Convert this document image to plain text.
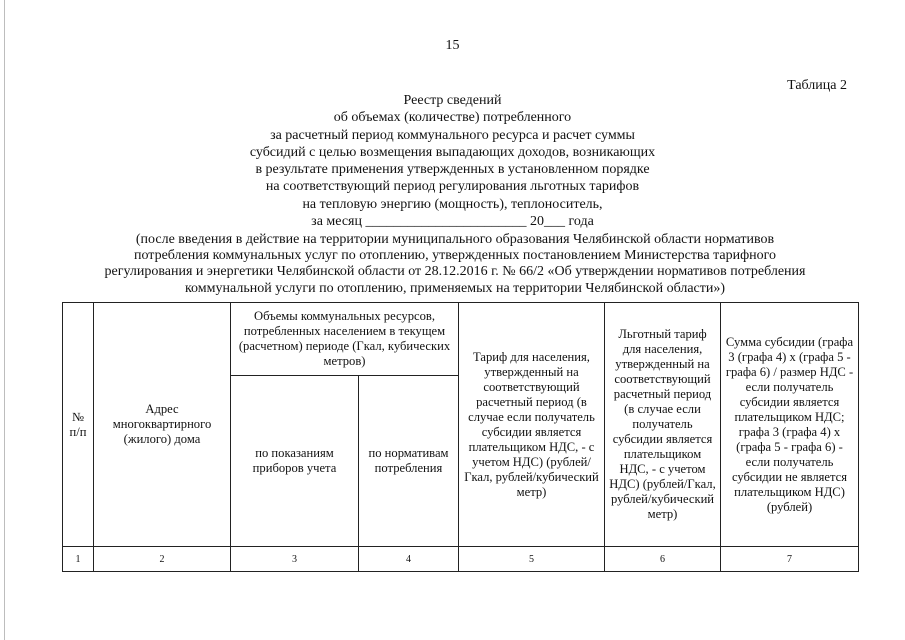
15
Таблица 2
Реестр сведений
об объемах (количестве) потребленного
за расчетный период коммунального ресурса и расчет суммы
субсидий с целью возмещения выпадающих доходов, возникающих
в результате применения утвержденных в установленном порядке
на соответствующий период регулирования льготных тарифов
на тепловую энергию (мощность), теплоноситель,
за месяц _______________________ 20___ года
(после введения в действие на территории муниципального образования Челябинской области нормативов
потребления коммунальных услуг по отоплению, утвержденных постановлением Министерства тарифного
регулирования и энергетики Челябинской области от 28.12.2016 г. № 66/2 «Об утверждении нормативов потребления
коммунальной услуги по отоплению, применяемых на территории Челябинской области»)
№ п/п	Адрес многоквартирного (жилого) дома	Объемы коммунальных ресурсов, потребленных населением в текущем (расчетном) периоде (Гкал, кубических метров)		Тариф для населения, утвержденный на соответствующий расчетный период (в случае если получатель субсидии является плательщиком НДС, - с учетом НДС) (рублей/Гкал, рублей/кубический метр)	Льготный тариф для населения, утвержденный на соответствующий расчетный период (в случае если получатель субсидии является плательщиком НДС, - с учетом НДС) (рублей/Гкал, рублей/кубический метр)	Сумма субсидии (графа 3 (графа 4) х (графа 5 - графа 6) / размер НДС - если получатель субсидии является плательщиком НДС; графа 3 (графа 4) х (графа 5 - графа 6) - если получатель субсидии не является плательщиком НДС) (рублей)
		по показаниям приборов учета	по нормативам потребления			
1	2	3	4	5	6	7
